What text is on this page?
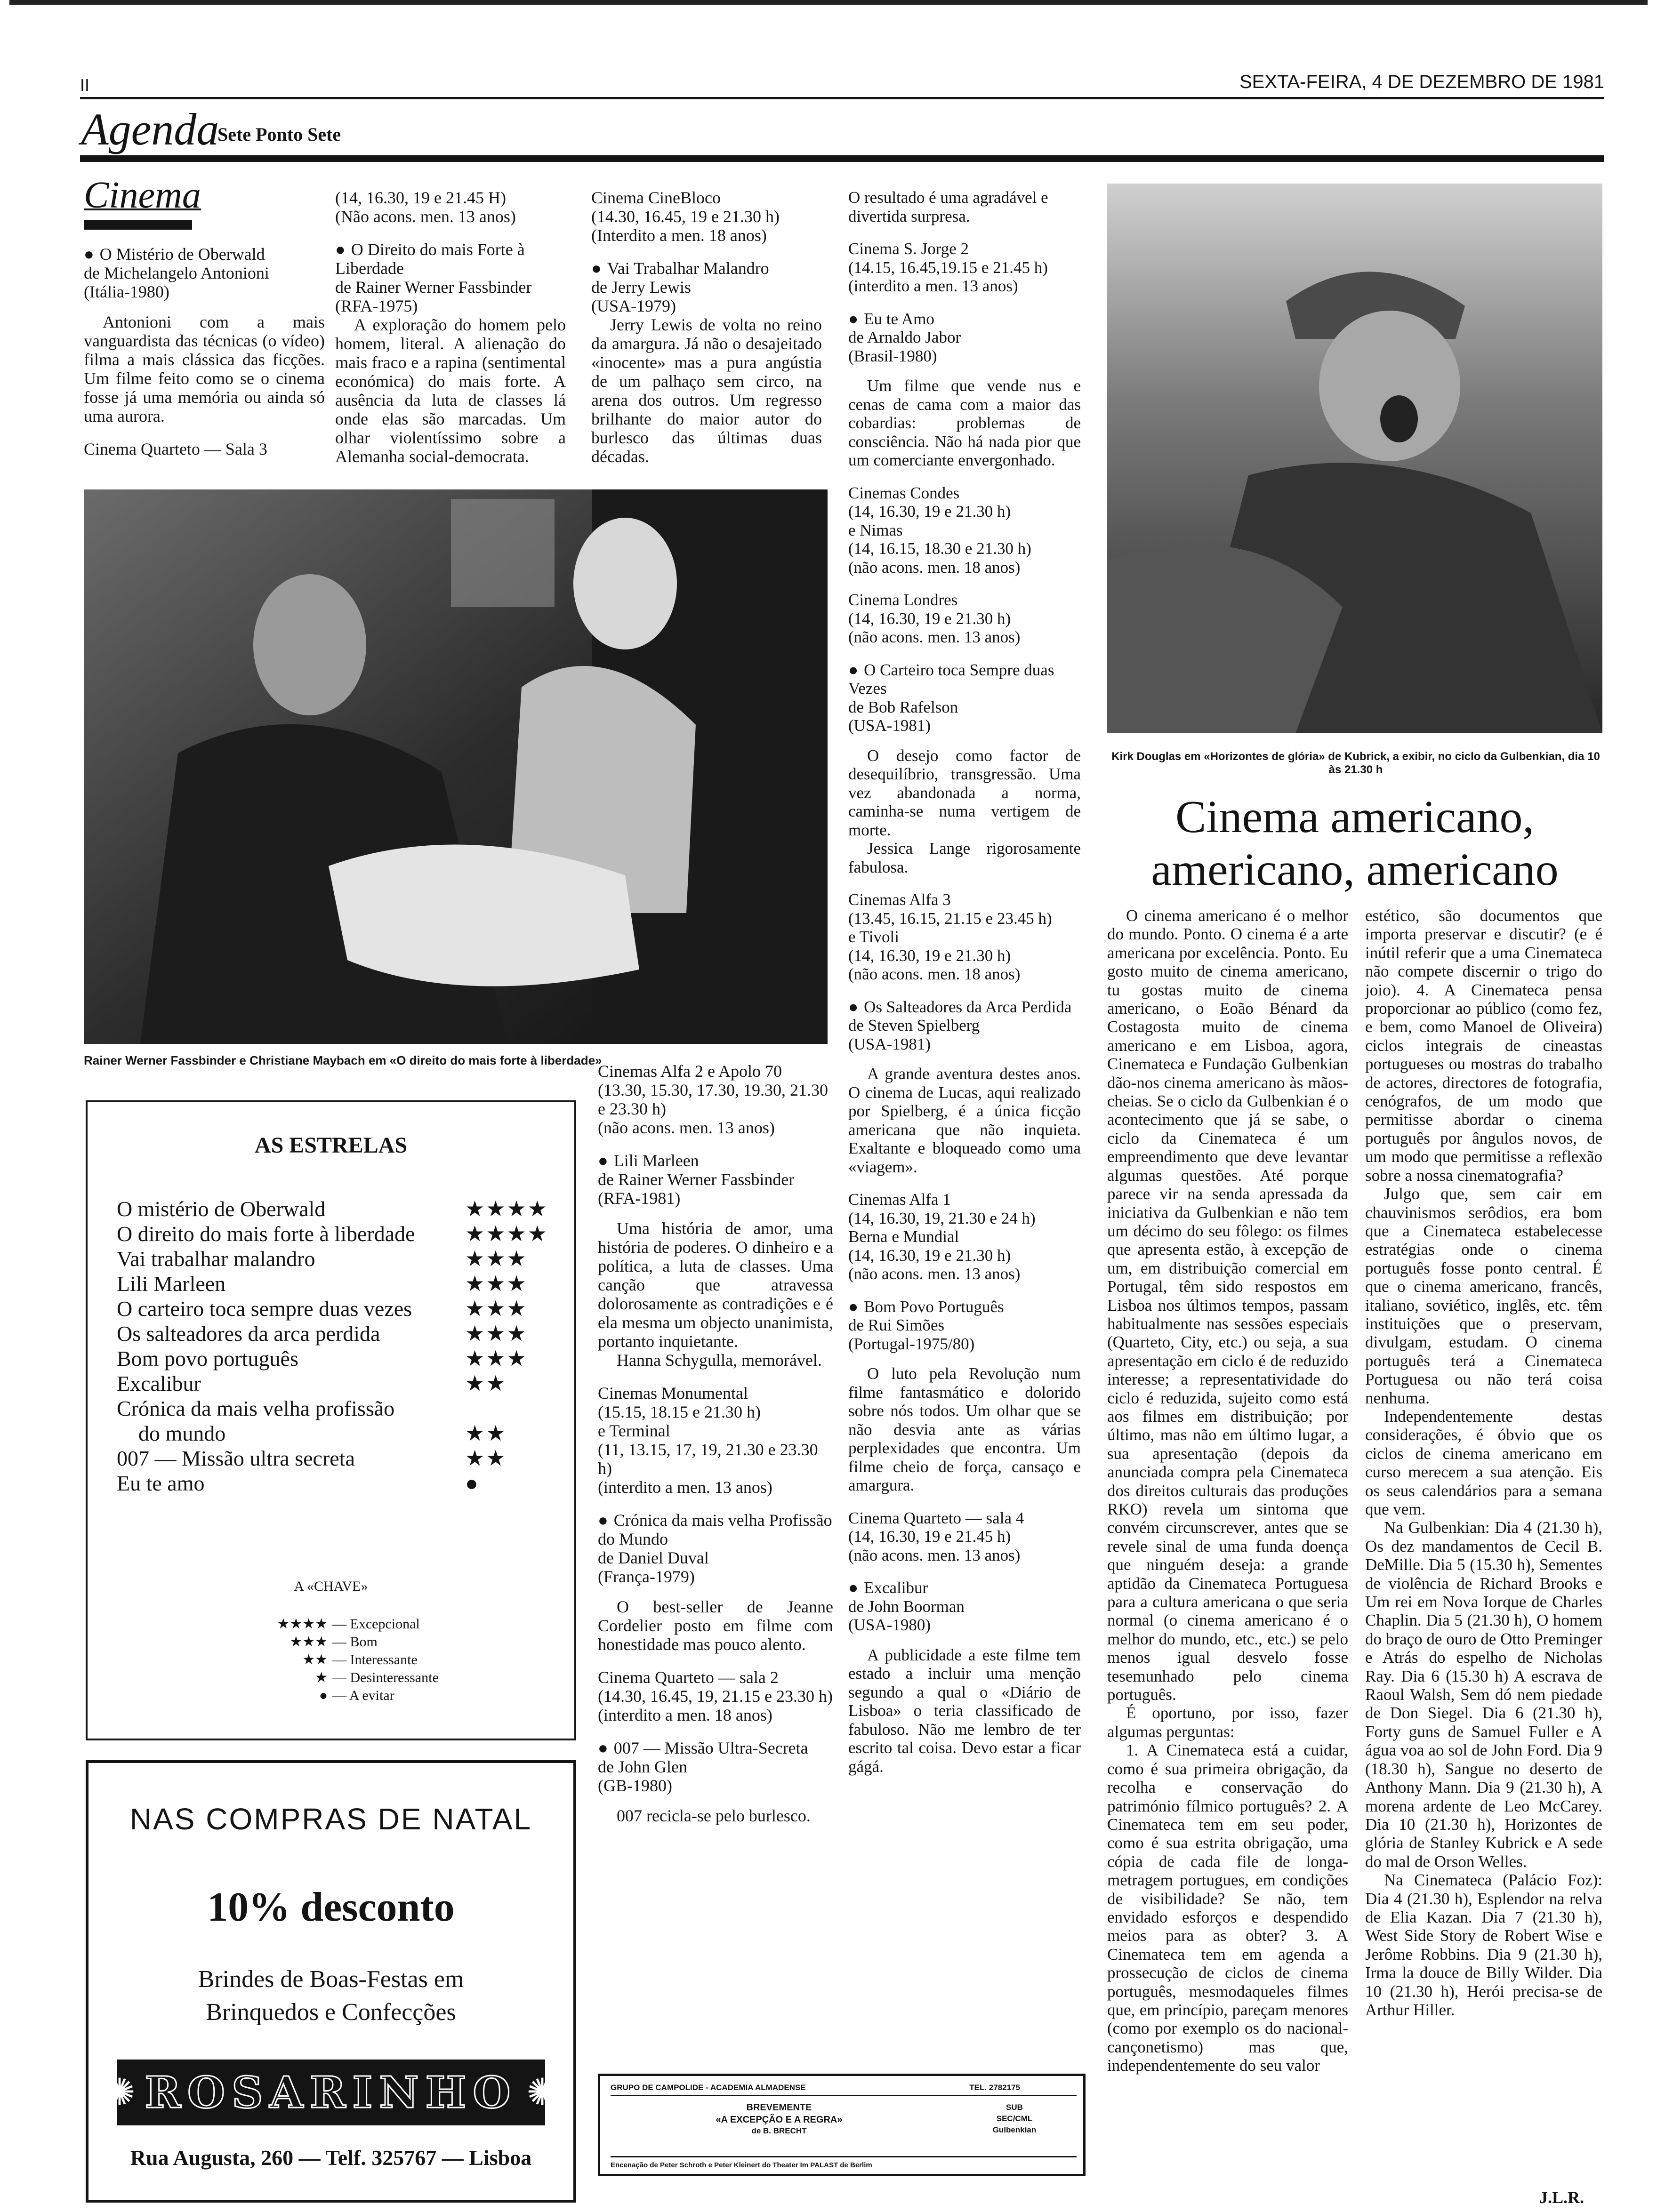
II	SEXTA-FEIRA, 4 DE DEZEMBRO DE 1981
Agenda
Sete Ponto Sete
Cinema

● O Mistério de Oberwald

de Michelangelo Antonioni

(Itália-1980)

Antonioni com a mais vanguardista das técnicas (o vídeo) filma a mais clássica das ficções. Um filme feito como se o cinema fosse já uma memória ou ainda só uma aurora.

Cinema Quarteto — Sala 3

(14, 16.30, 19 e 21.45 H)

(Não acons. men. 13 anos)

● O Direito do mais Forte à Liberdade

de Rainer Werner Fassbinder

(RFA-1975)

A exploração do homem pelo homem, literal. A alienação do mais fraco e a rapina (sentimental económica) do mais forte. A ausência da luta de classes lá onde elas são marcadas. Um olhar violentíssimo sobre a Alemanha social-democrata.

Cinema CineBloco

(14.30, 16.45, 19 e 21.30 h)

(Interdito a men. 18 anos)

● Vai Trabalhar Malandro

de Jerry Lewis

(USA-1979)

Jerry Lewis de volta no reino da amargura. Já não o desajeitado «inocente» mas a pura angústia de um palhaço sem circo, na arena dos outros. Um regresso brilhante do maior autor do burlesco das últimas duas décadas.

O resultado é uma agradável e divertida surpresa.

Cinema S. Jorge 2

(14.15, 16.45,19.15 e 21.45 h)

(interdito a men. 13 anos)

● Eu te Amo

de Arnaldo Jabor

(Brasil-1980)

Um filme que vende nus e cenas de cama com a maior das cobardias: problemas de consciência. Não há nada pior que um comerciante envergonhado.

Cinemas Condes

(14, 16.30, 19 e 21.30 h)

e Nimas

(14, 16.15, 18.30 e 21.30 h)

(não acons. men. 18 anos)

Cinema Londres

(14, 16.30, 19 e 21.30 h)

(não acons. men. 13 anos)

● O Carteiro toca Sempre duas Vezes

de Bob Rafelson

(USA-1981)

O desejo como factor de desequilíbrio, transgressão. Uma vez abandonada a norma, caminha-se numa vertigem de morte.

Jessica Lange rigorosamente fabulosa.

Cinemas Alfa 3

(13.45, 16.15, 21.15 e 23.45 h)

e Tivoli

(14, 16.30, 19 e 21.30 h)

(não acons. men. 18 anos)

● Os Salteadores da Arca Perdida

de Steven Spielberg

(USA-1981)

A grande aventura destes anos. O cinema de Lucas, aqui realizado por Spielberg, é a única ficção americana que não inquieta. Exaltante e bloqueado como uma «viagem».

Cinemas Alfa 1

(14, 16.30, 19, 21.30 e 24 h)

Berna e Mundial

(14, 16.30, 19 e 21.30 h)

(não acons. men. 13 anos)

● Bom Povo Português

de Rui Simões

(Portugal-1975/80)

O luto pela Revolução num filme fantasmático e dolorido sobre nós todos. Um olhar que se não desvia ante as várias perplexidades que encontra. Um filme cheio de força, cansaço e amargura.

Cinema Quarteto — sala 4

(14, 16.30, 19 e 21.45 h)

(não acons. men. 13 anos)

● Excalibur

de John Boorman

(USA-1980)

A publicidade a este filme tem estado a incluir uma menção segundo a qual o «Diário de Lisboa» o teria classificado de fabuloso. Não me lembro de ter escrito tal coisa. Devo estar a ficar gágá.

Cinemas Alfa 2 e Apolo 70

(13.30, 15.30, 17.30, 19.30, 21.30 e 23.30 h)

(não acons. men. 13 anos)

● Lili Marleen

de Rainer Werner Fassbinder

(RFA-1981)

Uma história de amor, uma história de poderes. O dinheiro e a política, a luta de classes. Uma canção que atravessa dolorosamente as contradições e é ela mesma um objecto unanimista, portanto inquietante.

Hanna Schygulla, memorável.

Cinemas Monumental

(15.15, 18.15 e 21.30 h)

e Terminal

(11, 13.15, 17, 19, 21.30 e 23.30 h)

(interdito a men. 13 anos)

● Crónica da mais velha Profissão do Mundo

de Daniel Duval

(França-1979)

O best-seller de Jeanne Cordelier posto em filme com honestidade mas pouco alento.

Cinema Quarteto — sala 2

(14.30, 16.45, 19, 21.15 e 23.30 h)

(interdito a men. 18 anos)

● 007 — Missão Ultra-Secreta

de John Glen

(GB-1980)

007 recicla-se pelo burlesco.

Rainer Werner Fassbinder e Christiane Maybach em «O direito do mais forte à liberdade»
Kirk Douglas em «Horizontes de glória» de Kubrick, a exibir, no ciclo da Gulbenkian, dia 10 às 21.30 h
Cinema americano,
americano, americano

O cinema americano é o melhor do mundo. Ponto. O cinema é a arte americana por excelência. Ponto. Eu gosto muito de cinema americano, tu gostas muito de cinema americano, o Eoão Bénard da Costagosta muito de cinema americano e em Lisboa, agora, Cinemateca e Fundação Gulbenkian dão-nos cinema americano às mãos-cheias. Se o ciclo da Gulbenkian é o acontecimento que já se sabe, o ciclo da Cinemateca é um empreendimento que deve levantar algumas questões. Até porque parece vir na senda apressada da iniciativa da Gulbenkian e não tem um décimo do seu fôlego: os filmes que apresenta estão, à excepção de um, em distribuição comercial em Portugal, têm sido respostos em Lisboa nos últimos tempos, passam habitualmente nas sessões especiais (Quarteto, City, etc.) ou seja, a sua apresentação em ciclo é de reduzido interesse; a representatividade do ciclo é reduzida, sujeito como está aos filmes em distribuição; por último, mas não em último lugar, a sua apresentação (depois da anunciada compra pela Cinemateca dos direitos culturais das produções RKO) revela um sintoma que convém circunscrever, antes que se revele sinal de uma funda doença que ninguém deseja: a grande aptidão da Cinemateca Portuguesa para a cultura americana o que seria normal (o cinema americano é o melhor do mundo, etc., etc.) se pelo menos igual desvelo fosse tesemunhado pelo cinema português.

É oportuno, por isso, fazer algumas perguntas:

1. A Cinemateca está a cuidar, como é sua primeira obrigação, da recolha e conservação do património fílmico português? 2. A Cinemateca tem em seu poder, como é sua estrita obrigação, uma cópia de cada file de longa-metragem portugues, em condições de visibilidade? Se não, tem envidado esforços e despendido meios para as obter? 3. A Cinemateca tem em agenda a prossecução de ciclos de cinema português, mesmodaqueles filmes que, em princípio, pareçam menores (como por exemplo os do nacional-cançonetismo) mas que, independentemente do seu valor

estético, são documentos que importa preservar e discutir? (e é inútil referir que a uma Cinemateca não compete discernir o trigo do joio). 4. A Cinemateca pensa proporcionar ao público (como fez, e bem, como Manoel de Oliveira) ciclos integrais de cineastas portugueses ou mostras do trabalho de actores, directores de fotografia, cenógrafos, de um modo que permitisse abordar o cinema português por ângulos novos, de um modo que permitisse a reflexão sobre a nossa cinematografia?

Julgo que, sem cair em chauvinismos serôdios, era bom que a Cinemateca estabelecesse estratégias onde o cinema português fosse ponto central. É que o cinema americano, francês, italiano, soviético, inglês, etc. têm instituições que o preservam, divulgam, estudam. O cinema português terá a Cinemateca Portuguesa ou não terá coisa nenhuma.

Independentemente destas considerações, é óbvio que os ciclos de cinema americano em curso merecem a sua atenção. Eis os seus calendários para a semana que vem.

Na Gulbenkian: Dia 4 (21.30 h), Os dez mandamentos de Cecil B. DeMille. Dia 5 (15.30 h), Sementes de violência de Richard Brooks e Um rei em Nova Iorque de Charles Chaplin. Dia 5 (21.30 h), O homem do braço de ouro de Otto Preminger e Atrás do espelho de Nicholas Ray. Dia 6 (15.30 h) A escrava de Raoul Walsh, Sem dó nem piedade de Don Siegel. Dia 6 (21.30 h), Forty guns de Samuel Fuller e A água voa ao sol de John Ford. Dia 9 (18.30 h), Sangue no deserto de Anthony Mann. Dia 9 (21.30 h), A morena ardente de Leo McCarey. Dia 10 (21.30 h), Horizontes de glória de Stanley Kubrick e A sede do mal de Orson Welles.

Na Cinemateca (Palácio Foz): Dia 4 (21.30 h), Esplendor na relva de Elia Kazan. Dia 7 (21.30 h), West Side Story de Robert Wise e Jerôme Robbins. Dia 9 (21.30 h), Irma la douce de Billy Wilder. Dia 10 (21.30 h), Herói precisa-se de Arthur Hiller.

J.L.R.
AS ESTRELAS
O mistério de Oberwald	★★★★
O direito do mais forte à liberdade ★★★★
Vai trabalhar malandro	★★★
Lili Marleen	★★★
O carteiro toca sempre duas vezes ★★★
Os salteadores da arca perdida	★★★
Bom povo português	★★★
Excalibur	★★
Crónica da mais velha profissão
do mundo	★★
007 — Missão ultra secreta	★★
Eu te amo	●
A «CHAVE»
★★★★ — Excepcional
★★★ — Bom
★★ — Interessante
★ — Desinteressante
● — A evitar
NAS COMPRAS DE NATAL
10% desconto
Brindes de Boas-Festas em
Brinquedos e Confecções
✺ ROSARINHO ✺
Rua Augusta, 260 — Telf. 325767 — Lisboa
GRUPO DE CAMPOLIDE - ACADEMIA ALMADENSE	TEL. 2782175
BREVEMENTE
«A EXCEPÇÃO E A REGRA»
de B. BRECHT
SUB
SEC/CML
Gulbenkian
Encenação de Peter Schroth e Peter Kleinert do Theater Im PALAST de Berlim
